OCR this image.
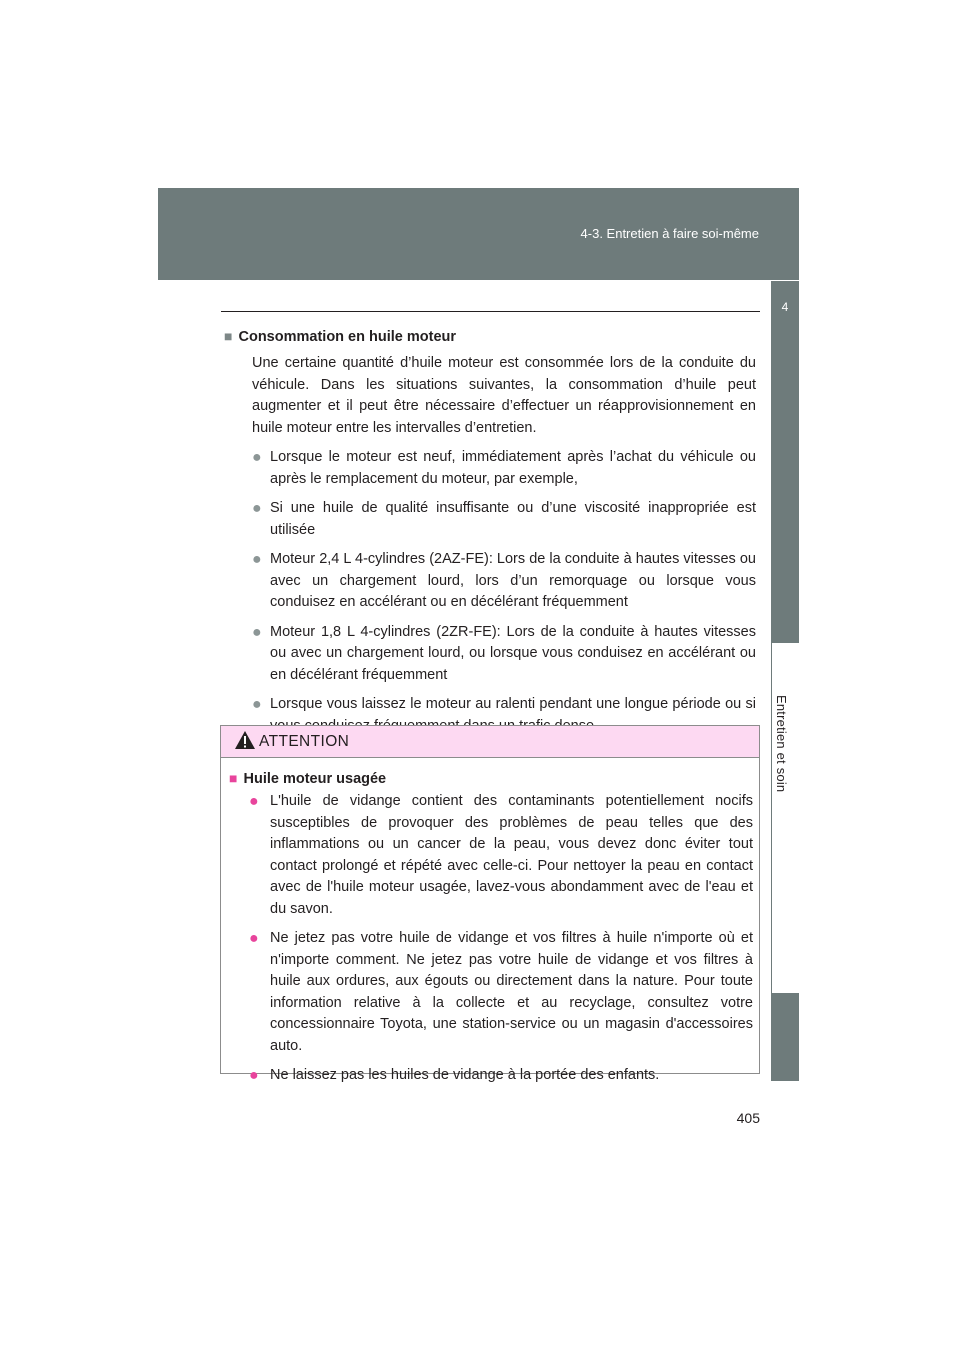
4-3. Entretien à faire soi-même
4
Entretien et soin
■ Consommation en huile moteur

Une certaine quantité d’huile moteur est consommée lors de la conduite du véhicule. Dans les situations suivantes, la consommation d’huile peut augmenter et il peut être nécessaire d’effectuer un réapprovisionnement en huile moteur entre les intervalles d’entretien.

● Lorsque le moteur est neuf, immédiatement après l’achat du véhicule ou après le remplacement du moteur, par exemple,
● Si une huile de qualité insuffisante ou d’une viscosité inappropriée est utilisée
● Moteur 2,4 L 4-cylindres (2AZ-FE): Lors de la conduite à hautes vitesses ou avec un chargement lourd, lors d’un remorquage ou lorsque vous conduisez en accélérant ou en décélérant fréquemment
● Moteur 1,8 L 4-cylindres (2ZR-FE): Lors de la conduite à hautes vitesses ou avec un chargement lourd, ou lorsque vous conduisez en accélérant ou en décélérant fréquemment
● Lorsque vous laissez le moteur au ralenti pendant une longue période ou si
ATTENTION
■ Huile moteur usagée
● L'huile de vidange contient des contaminants potentiellement nocifs susceptibles de provoquer des problèmes de peau telles que des inflammations ou un cancer de la peau, vous devez donc éviter tout contact prolongé et répété avec celle-ci. Pour nettoyer la peau en contact avec de l'huile moteur usagée, lavez-vous abondamment avec de l'eau et du savon.
● Ne jetez pas votre huile de vidange et vos filtres à huile n'importe où et n'importe comment. Ne jetez pas votre huile de vidange et vos filtres à huile aux ordures, aux égouts ou directement dans la nature. Pour toute information relative à la collecte et au recyclage, consultez votre concessionnaire Toyota, une station-service ou un magasin d'accessoires auto.
● Ne laissez pas les huiles de vidange à la portée des enfants.
405
